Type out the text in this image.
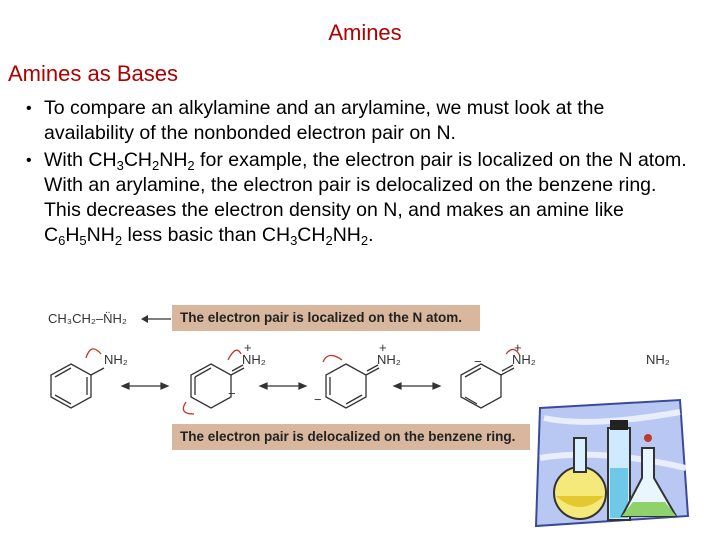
Amines
Amines as Bases
• To compare an alkylamine and an arylamine, we must look at the availability of the nonbonded electron pair on N.
• With $CH_3CH_2NH_2$ for example, the electron pair is localized on the N atom. With an arylamine, the electron pair is delocalized on the benzene ring. This decreases the electron density on N, and makes an amine like $C_6H_5NH_2$ less basic than $CH_3CH_2NH_2$.
CH₃CH₂–N̈H₂	The electron pair is localized on the N atom.
NH₂	NH₂	NH₂	NH₂	NH₂
+	+	+
−	−
−
The electron pair is delocalized on the benzene ring.
